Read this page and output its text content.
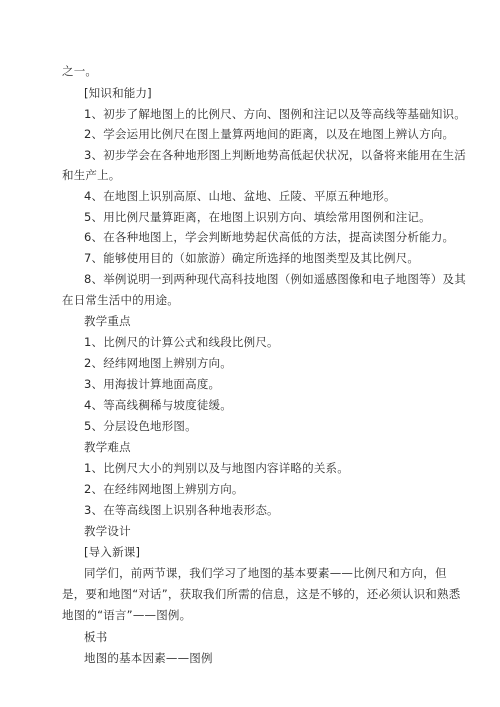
之一。
[知识和能力]
1、初步了解地图上的比例尺、方向、图例和注记以及等高线等基础知识。
2、学会运用比例尺在图上量算两地间的距离，以及在地图上辨认方向。
3、初步学会在各种地形图上判断地势高低起伏状况，以备将来能用在生活
和生产上。
4、在地图上识别高原、山地、盆地、丘陵、平原五种地形。
5、用比例尺量算距离，在地图上识别方向、填绘常用图例和注记。
6、在各种地图上，学会判断地势起伏高低的方法，提高读图分析能力。
7、能够使用目的（如旅游）确定所选择的地图类型及其比例尺。
8、举例说明一到两种现代高科技地图（例如遥感图像和电子地图等）及其
在日常生活中的用途。
教学重点
1、比例尺的计算公式和线段比例尺。
2、经纬网地图上辨别方向。
3、用海拔计算地面高度。
4、等高线稠稀与坡度徒缓。
5、分层设色地形图。
教学难点
1、比例尺大小的判别以及与地图内容详略的关系。
2、在经纬网地图上辨别方向。
3、在等高线图上识别各种地表形态。
教学设计
[导入新课]
同学们，前两节课，我们学习了地图的基本要素——比例尺和方向，但
是，要和地图“对话”，获取我们所需的信息，这是不够的，还必须认识和熟悉
地图的“语言”——图例。
板书
地图的基本因素——图例
